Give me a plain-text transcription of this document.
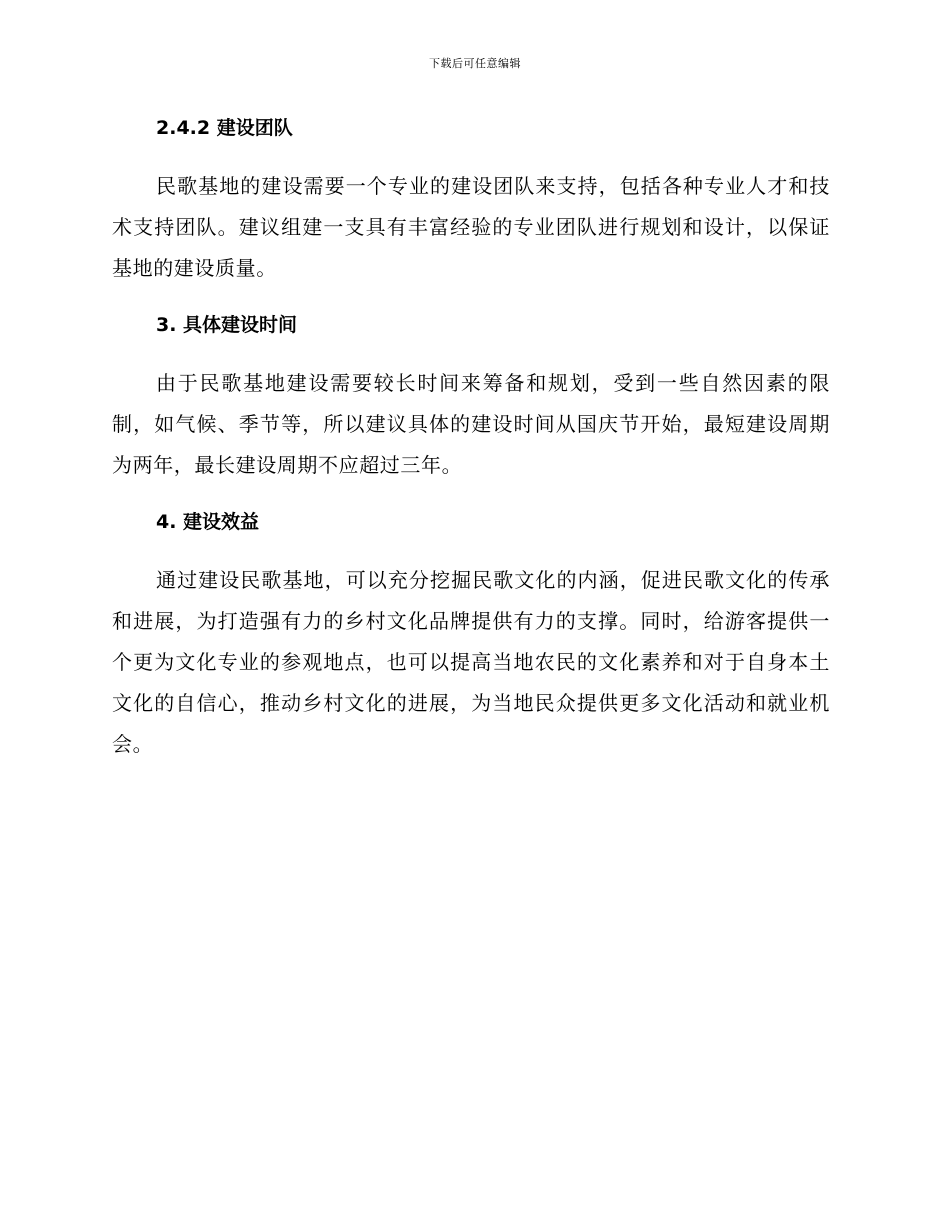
下载后可任意编辑
2.4.2 建设团队

民歌基地的建设需要一个专业的建设团队来支持，包括各种专业人才和技术支持团队。建议组建一支具有丰富经验的专业团队进行规划和设计，以保证基地的建设质量。

3. 具体建设时间

由于民歌基地建设需要较长时间来筹备和规划，受到一些自然因素的限制，如气候、季节等，所以建议具体的建设时间从国庆节开始，最短建设周期为两年，最长建设周期不应超过三年。

4. 建设效益

通过建设民歌基地，可以充分挖掘民歌文化的内涵，促进民歌文化的传承和进展，为打造强有力的乡村文化品牌提供有力的支撑。同时，给游客提供一个更为文化专业的参观地点，也可以提高当地农民的文化素养和对于自身本土文化的自信心，推动乡村文化的进展，为当地民众提供更多文化活动和就业机会。
